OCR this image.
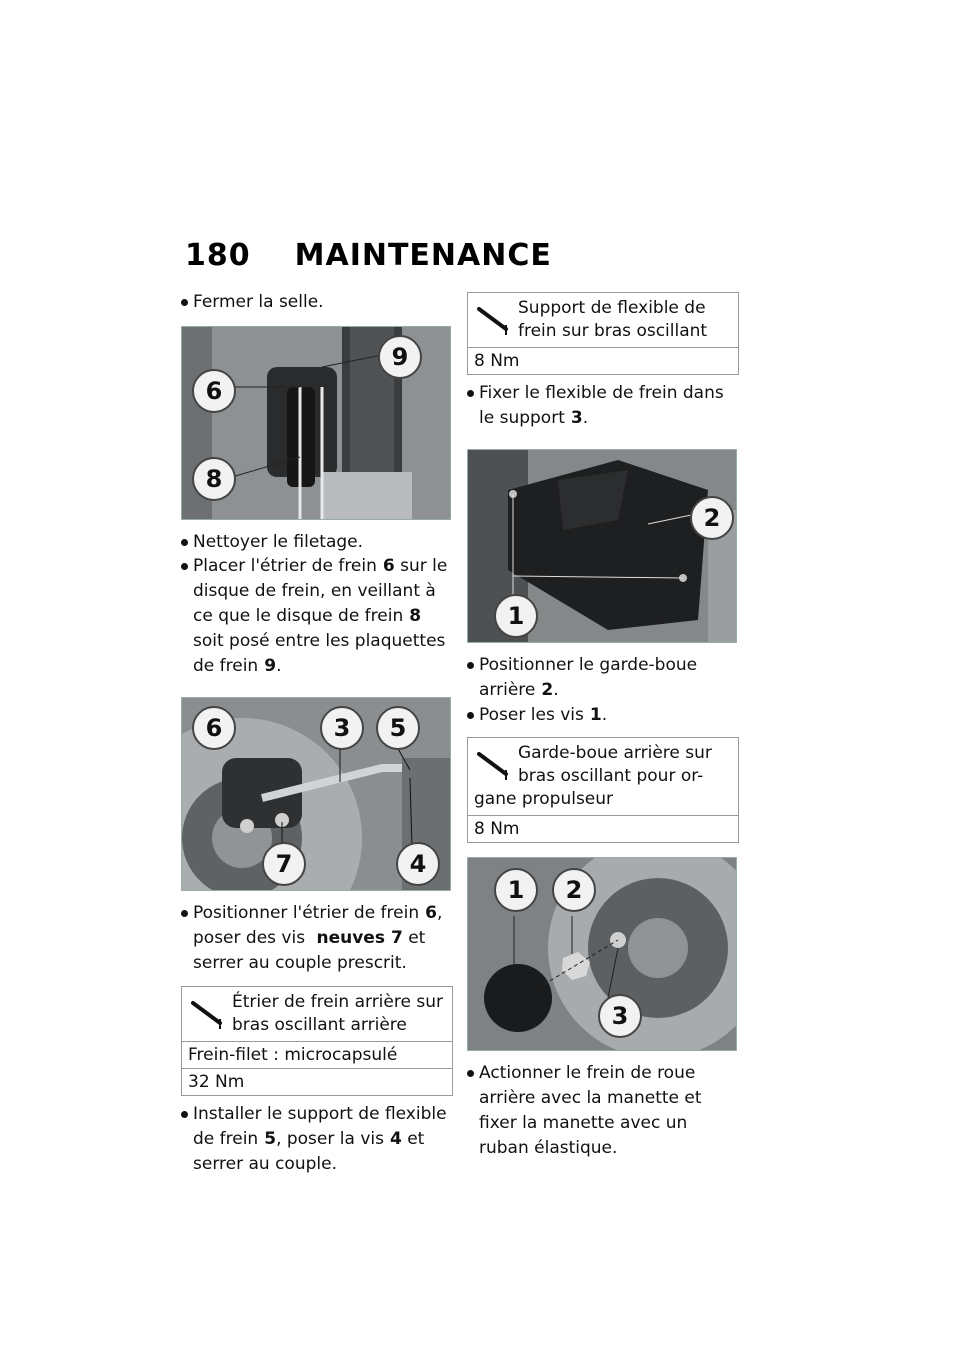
180 MAINTENANCE
Fermer la selle.
9
6
8
Nettoyer le filetage.
Placer l'étrier de frein 6 sur le disque de frein, en veillant à ce que le disque de frein 8 soit posé entre les plaquettes de frein 9.
6	3	5
7	4
Positionner l'étrier de frein 6, poser des vis neuves 7 et serrer au couple prescrit.
Étrier de frein arrière sur bras oscillant arrière
Frein-filet : microcapsulé
32 Nm
Installer le support de flexible de frein 5, poser la vis 4 et serrer au couple.
Support de flexible de frein sur bras oscillant
8 Nm
Fixer le flexible de frein dans le support 3.
2
1
Positionner le garde-boue arrière 2.
Poser les vis 1.
Garde-boue arrière sur bras oscillant pour or-
gane propulseur
8 Nm
1	2
3
Actionner le frein de roue arrière avec la manette et fixer la manette avec un ruban élastique.
